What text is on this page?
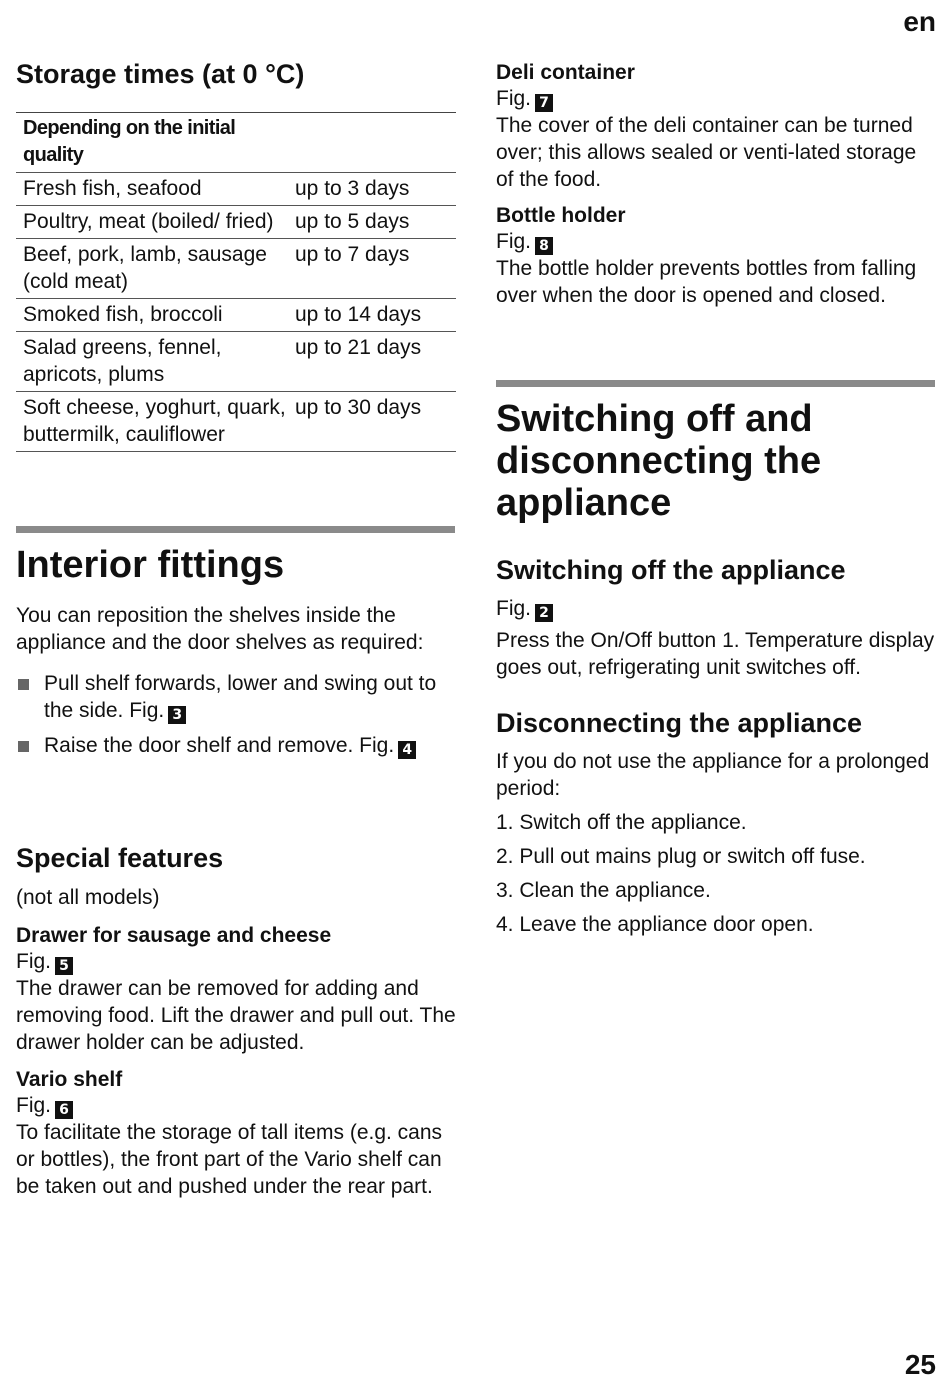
en
Storage times (at 0 °C)
Depending on the initial quality	
Fresh fish, seafood	up to 3 days
Poultry, meat (boiled/ fried)	up to 5 days
Beef, pork, lamb, sausage (cold meat)	up to 7 days
Smoked fish, broccoli	up to 14 days
Salad greens, fennel, apricots, plums	up to 21 days
Soft cheese, yoghurt, quark, buttermilk, cauliflower	up to 30 days
Interior fittings

You can reposition the shelves inside the appliance and the door shelves as required:

Pull shelf forwards, lower and swing out to the side. Fig. 3
Raise the door shelf and remove. Fig. 4
Special features

(not all models)

Drawer for sausage and cheese

Fig. 5

The drawer can be removed for adding and removing food. Lift the drawer and pull out. The drawer holder can be adjusted.

Vario shelf

Fig. 6

To facilitate the storage of tall items (e.g. cans or bottles), the front part of the Vario shelf can be taken out and pushed under the rear part.

Deli container

Fig. 7

The cover of the deli container can be turned over; this allows sealed or venti-lated storage of the food.

Bottle holder

Fig. 8

The bottle holder prevents bottles from falling over when the door is opened and closed.

Switching off and disconnecting the appliance
Switching off the appliance

Fig. 2

Press the On/Off button 1. Temperature display goes out, refrigerating unit switches off.

Disconnecting the appliance

If you do not use the appliance for a prolonged period:

1. Switch off the appliance.
2. Pull out mains plug or switch off fuse.
3. Clean the appliance.
4. Leave the appliance door open.
25
